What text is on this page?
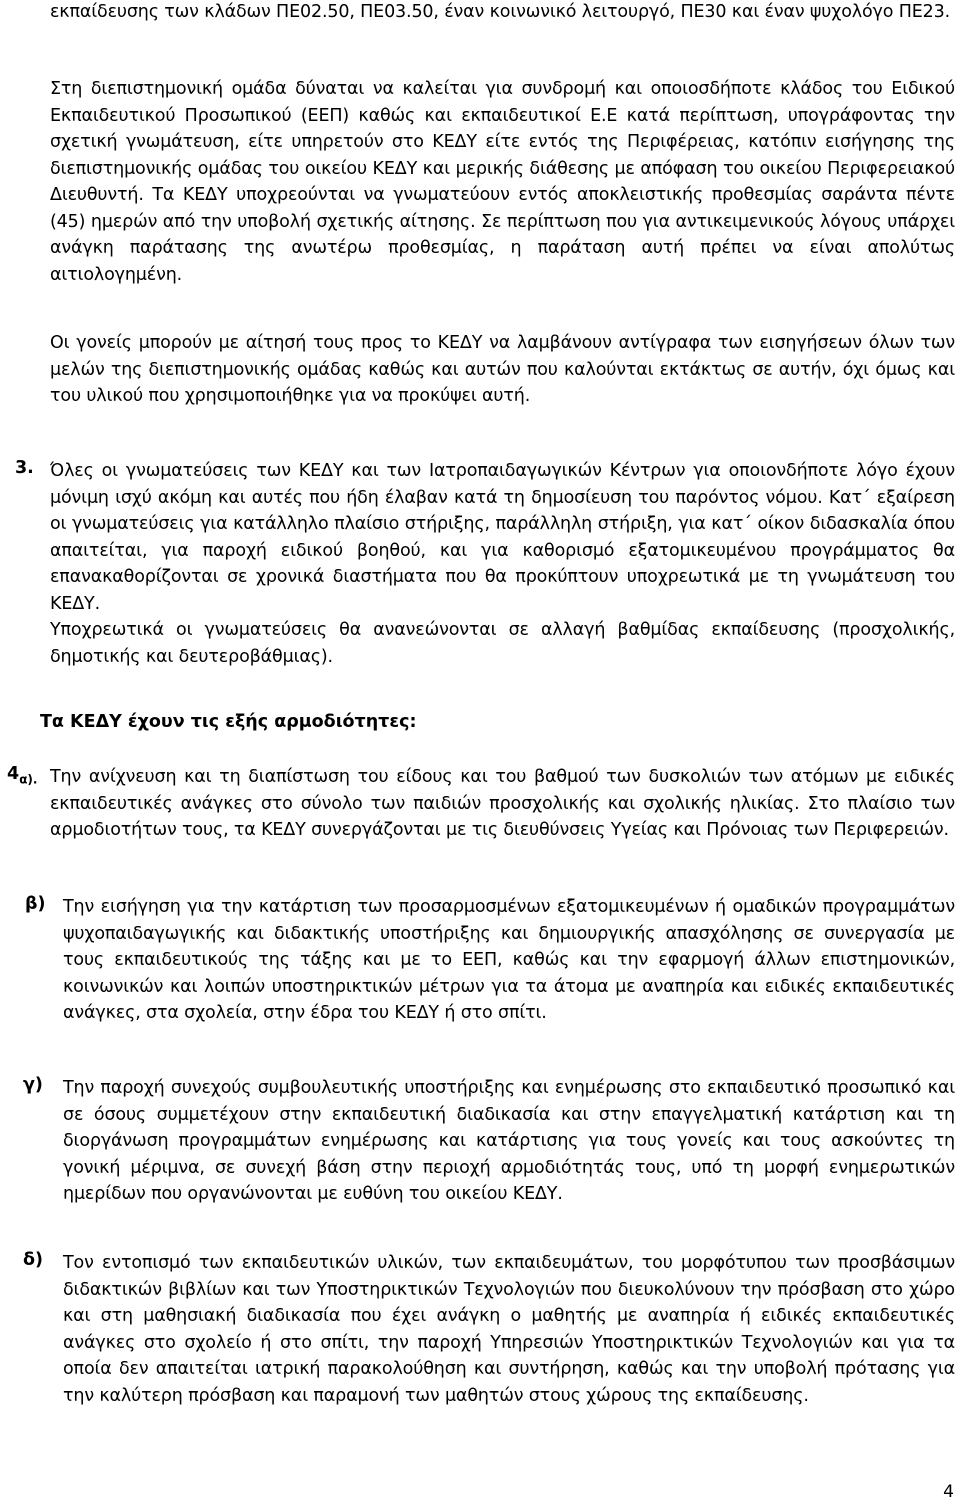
εκπαίδευσης των κλάδων ΠΕ02.50, ΠΕ03.50, έναν κοινωνικό λειτουργό, ΠΕ30 και έναν ψυχολόγο ΠΕ23.

Στη διεπιστημονική ομάδα δύναται να καλείται για συνδρομή και οποιοσδήποτε κλάδος του Ειδικού Εκπαιδευτικού Προσωπικού (ΕΕΠ) καθώς και εκπαιδευτικοί Ε.Ε κατά περίπτωση, υπογράφοντας την σχετική γνωμάτευση, είτε υπηρετούν στο ΚΕΔΥ είτε εντός της Περιφέρειας, κατόπιν εισήγησης της διεπιστημονικής ομάδας του οικείου ΚΕΔΥ και μερικής διάθεσης με απόφαση του οικείου Περιφερειακού Διευθυντή. Τα ΚΕΔΥ υποχρεούνται να γνωματεύουν εντός αποκλειστικής προθεσμίας σαράντα πέντε (45) ημερών από την υποβολή σχετικής αίτησης. Σε περίπτωση που για αντικειμενικούς λόγους υπάρχει ανάγκη παράτασης της ανωτέρω προθεσμίας, η παράταση αυτή πρέπει να είναι απολύτως αιτιολογημένη.

Οι γονείς μπορούν με αίτησή τους προς το ΚΕΔΥ να λαμβάνουν αντίγραφα των εισηγήσεων όλων των μελών της διεπιστημονικής ομάδας καθώς και αυτών που καλούνται εκτάκτως σε αυτήν, όχι όμως και του υλικού που χρησιμοποιήθηκε για να προκύψει αυτή.

3. Όλες οι γνωματεύσεις των ΚΕΔΥ και των Ιατροπαιδαγωγικών Κέντρων για οποιονδήποτε λόγο έχουν μόνιμη ισχύ ακόμη και αυτές που ήδη έλαβαν κατά τη δημοσίευση του παρόντος νόμου. Κατ΄ εξαίρεση οι γνωματεύσεις για κατάλληλο πλαίσιο στήριξης, παράλληλη στήριξη, για κατ΄ οίκον διδασκαλία όπου απαιτείται, για παροχή ειδικού βοηθού, και για καθορισμό εξατομικευμένου προγράμματος θα επανακαθορίζονται σε χρονικά διαστήματα που θα προκύπτουν υποχρεωτικά με τη γνωμάτευση του ΚΕΔΥ.

Υποχρεωτικά οι γνωματεύσεις θα ανανεώνονται σε αλλαγή βαθμίδας εκπαίδευσης (προσχολικής, δημοτικής και δευτεροβάθμιας).

Τα ΚΕΔΥ έχουν τις εξής αρμοδιότητες:
$4_{\alpha).}$ Την ανίχνευση και τη διαπίστωση του είδους και του βαθμού των δυσκολιών των ατόμων με ειδικές εκπαιδευτικές ανάγκες στο σύνολο των παιδιών προσχολικής και σχολικής ηλικίας. Στο πλαίσιο των αρμοδιοτήτων τους, τα ΚΕΔΥ συνεργάζονται με τις διευθύνσεις Υγείας και Πρόνοιας των Περιφερειών.

β) Την εισήγηση για την κατάρτιση των προσαρμοσμένων εξατομικευμένων ή ομαδικών προγραμμάτων ψυχοπαιδαγωγικής και διδακτικής υποστήριξης και δημιουργικής απασχόλησης σε συνεργασία με τους εκπαιδευτικούς της τάξης και με το ΕΕΠ, καθώς και την εφαρμογή άλλων επιστημονικών, κοινωνικών και λοιπών υποστηρικτικών μέτρων για τα άτομα με αναπηρία και ειδικές εκπαιδευτικές ανάγκες, στα σχολεία, στην έδρα του ΚΕΔΥ ή στο σπίτι.

γ) Την παροχή συνεχούς συμβουλευτικής υποστήριξης και ενημέρωσης στο εκπαιδευτικό προσωπικό και σε όσους συμμετέχουν στην εκπαιδευτική διαδικασία και στην επαγγελματική κατάρτιση και τη διοργάνωση προγραμμάτων ενημέρωσης και κατάρτισης για τους γονείς και τους ασκούντες τη γονική μέριμνα, σε συνεχή βάση στην περιοχή αρμοδιότητάς τους, υπό τη μορφή ενημερωτικών ημερίδων που οργανώνονται με ευθύνη του οικείου ΚΕΔΥ.

δ) Τον εντοπισμό των εκπαιδευτικών υλικών, των εκπαιδευμάτων, του μορφότυπου των προσβάσιμων διδακτικών βιβλίων και των Υποστηρικτικών Τεχνολογιών που διευκολύνουν την πρόσβαση στο χώρο και στη μαθησιακή διαδικασία που έχει ανάγκη ο μαθητής με αναπηρία ή ειδικές εκπαιδευτικές ανάγκες στο σχολείο ή στο σπίτι, την παροχή Υπηρεσιών Υποστηρικτικών Τεχνολογιών και για τα οποία δεν απαιτείται ιατρική παρακολούθηση και συντήρηση, καθώς και την υποβολή πρότασης για την καλύτερη πρόσβαση και παραμονή των μαθητών στους χώρους της εκπαίδευσης.

4
